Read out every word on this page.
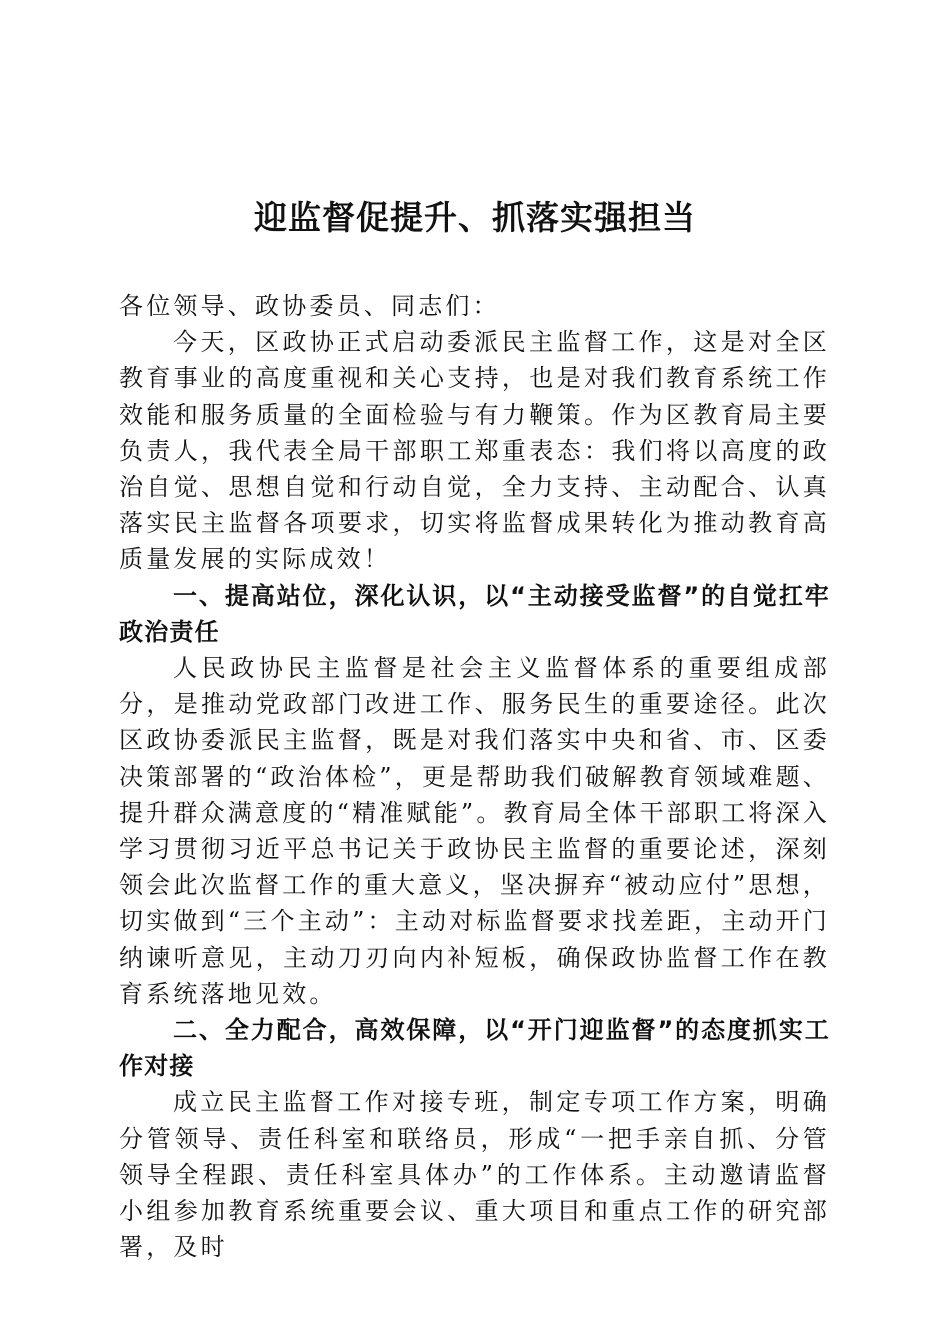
迎监督促提升、抓落实强担当

各位领导、政协委员、同志们：

今天，区政协正式启动委派民主监督工作，这是对全区教育事业的高度重视和关心支持，也是对我们教育系统工作效能和服务质量的全面检验与有力鞭策。作为区教育局主要负责人，我代表全局干部职工郑重表态：我们将以高度的政治自觉、思想自觉和行动自觉，全力支持、主动配合、认真落实民主监督各项要求，切实将监督成果转化为推动教育高质量发展的实际成效！

一、提高站位，深化认识，以“主动接受监督”的自觉扛牢政治责任

人民政协民主监督是社会主义监督体系的重要组成部分，是推动党政部门改进工作、服务民生的重要途径。此次区政协委派民主监督，既是对我们落实中央和省、市、区委决策部署的“政治体检”，更是帮助我们破解教育领域难题、提升群众满意度的“精准赋能”。教育局全体干部职工将深入学习贯彻习近平总书记关于政协民主监督的重要论述，深刻领会此次监督工作的重大意义，坚决摒弃“被动应付”思想，切实做到“三个主动”：主动对标监督要求找差距，主动开门纳谏听意见，主动刀刃向内补短板，确保政协监督工作在教育系统落地见效。

二、全力配合，高效保障，以“开门迎监督”的态度抓实工作对接

成立民主监督工作对接专班，制定专项工作方案，明确分管领导、责任科室和联络员，形成“一把手亲自抓、分管领导全程跟、责任科室具体办”的工作体系。主动邀请监督小组参加教育系统重要会议、重大项目和重点工作的研究部署，及时
